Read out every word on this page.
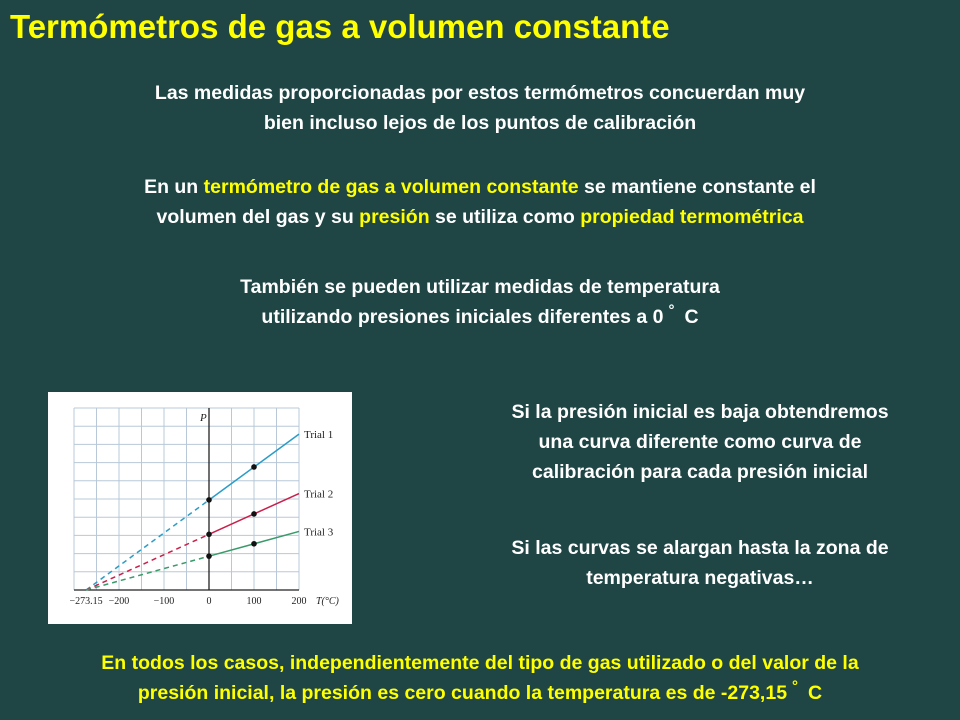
Termómetros de gas a volumen constante
Las medidas proporcionadas por estos termómetros concuerdan muy
bien incluso lejos de los puntos de calibración
En un termómetro de gas a volumen constante se mantiene constante el
volumen del gas y su presión se utiliza como propiedad termométrica
También se pueden utilizar medidas de temperatura
utilizando presiones iniciales diferentes a 0 ° C
Trial 1
Trial 2
Trial 3
−273.15 −200 −100	0	100	200 T(°C)
P	Si la presión inicial es baja obtendremos
una curva diferente como curva de
calibración para cada presión inicial
Si las curvas se alargan hasta la zona de
temperatura negativas…
En todos los casos, independientemente del tipo de gas utilizado o del valor de la
presión inicial, la presión es cero cuando la temperatura es de -273,15 ° C
